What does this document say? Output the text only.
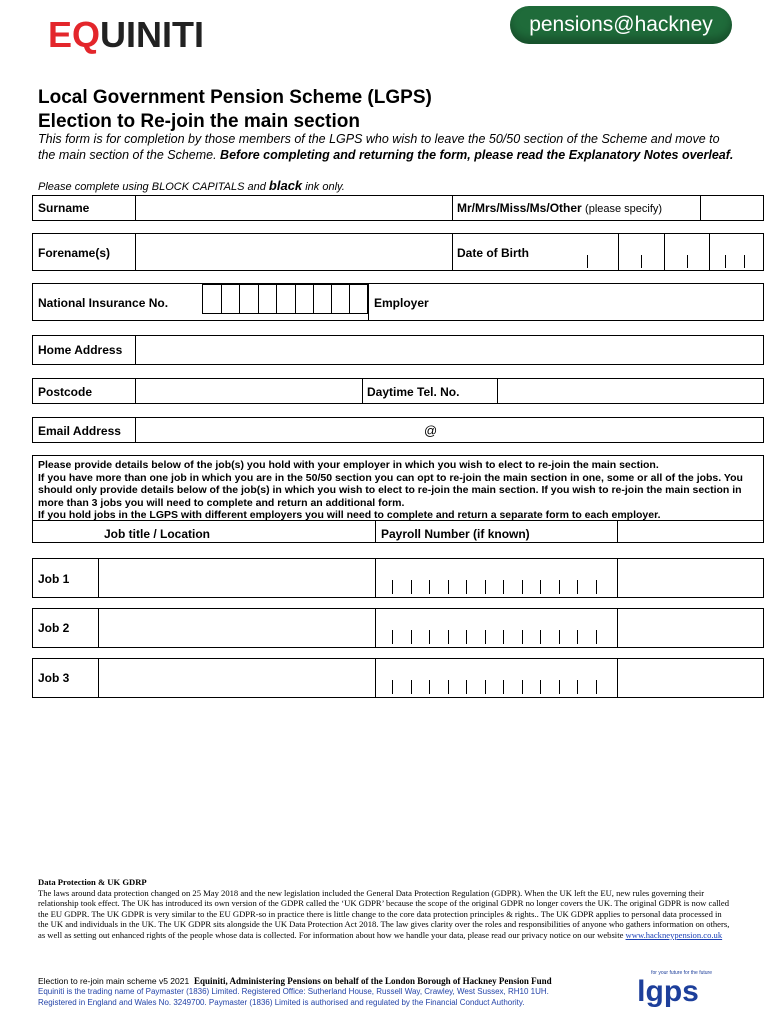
EQUINITI	pensions@hackney
Local Government Pension Scheme (LGPS)
Election to Re-join the main section
This form is for completion by those members of the LGPS who wish to leave the 50/50 section of the Scheme and move to the main section of the Scheme. Before completing and returning the form, please read the Explanatory Notes overleaf.
Please complete using BLOCK CAPITALS and black ink only.
Surname	Mr/Mrs/Miss/Ms/Other (please specify)
Forename(s)	Date of Birth
National Insurance No.	Employer
Home Address
Postcode	Daytime Tel. No.
Email Address	@
Please provide details below of the job(s) you hold with your employer in which you wish to elect to re-join the main section.
If you have more than one job in which you are in the 50/50 section you can opt to re-join the main section in one, some or all of the jobs. You should only provide details below of the job(s) in which you wish to elect to re-join the main section. If you wish to re-join the main section in more than 3 jobs you will need to complete and return an additional form.
If you hold jobs in the LGPS with different employers you will need to complete and return a separate form to each employer.
Job title / Location	Payroll Number (if known)
Job 1
Job 2
Job 3
Data Protection & UK GDRP
The laws around data protection changed on 25 May 2018 and the new legislation included the General Data Protection Regulation (GDPR). When the UK left the EU, new rules governing their relationship took effect. The UK has introduced its own version of the GDPR called the ‘UK GDPR’ because the scope of the original GDPR no longer covers the UK. The original GDPR is now called the EU GDPR. The UK GDPR is very similar to the EU GDPR-so in practice there is little change to the core data protection principles & rights.. The UK GDPR applies to personal data processed in the UK and individuals in the UK. The UK GDPR sits alongside the UK Data Protection Act 2018. The law gives clarity over the roles and responsibilities of anyone who gathers information on others, as well as setting out enhanced rights of the people whose data is collected. For information about how we handle your data, please read our privacy notice on our website www.hackneypension.co.uk
Election to re-join main scheme v5 2021 Equiniti, Administering Pensions on behalf of the London Borough of Hackney Pension Fund
Equiniti is the trading name of Paymaster (1836) Limited. Registered Office: Sutherland House, Russell Way, Crawley, West Sussex, RH10 1UH.
Registered in England and Wales No. 3249700. Paymaster (1836) Limited is authorised and regulated by the Financial Conduct Authority.
for your future for the future
lgps
